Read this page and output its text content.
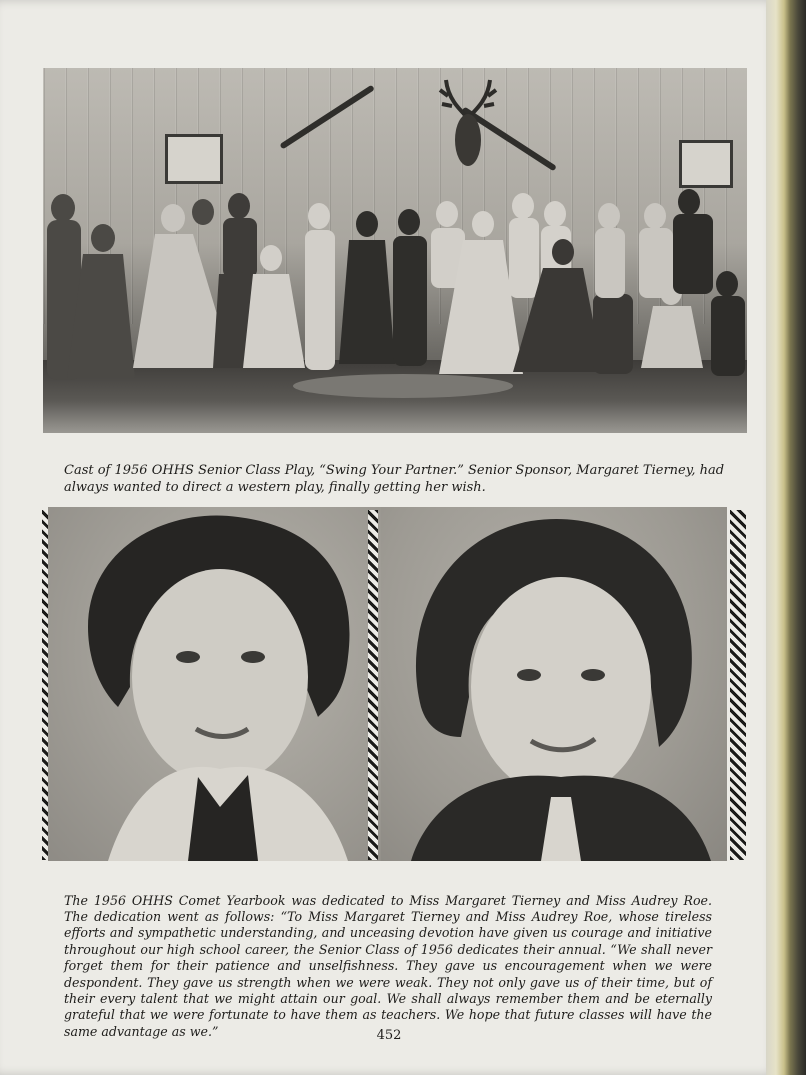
Cast of 1956 OHHS Senior Class Play, “Swing Your Partner.” Senior Sponsor, Margaret Tierney, had always wanted to direct a western play, finally getting her wish.

The 1956 OHHS Comet Yearbook was dedicated to Miss Margaret Tierney and Miss Audrey Roe. The dedication went as follows: “To Miss Margaret Tierney and Miss Audrey Roe, whose tireless efforts and sympathetic understanding, and unceasing devotion have given us courage and initiative throughout our high school career, the Senior Class of 1956 dedicates their annual. “We shall never forget them for their patience and unselfishness. They gave us encouragement when we were despondent. They gave us strength when we were weak. They not only gave us of their time, but of their every talent that we might attain our goal. We shall always remember them and be eternally grateful that we were fortunate to have them as teachers. We hope that future classes will have the same advantage as we.”	452
